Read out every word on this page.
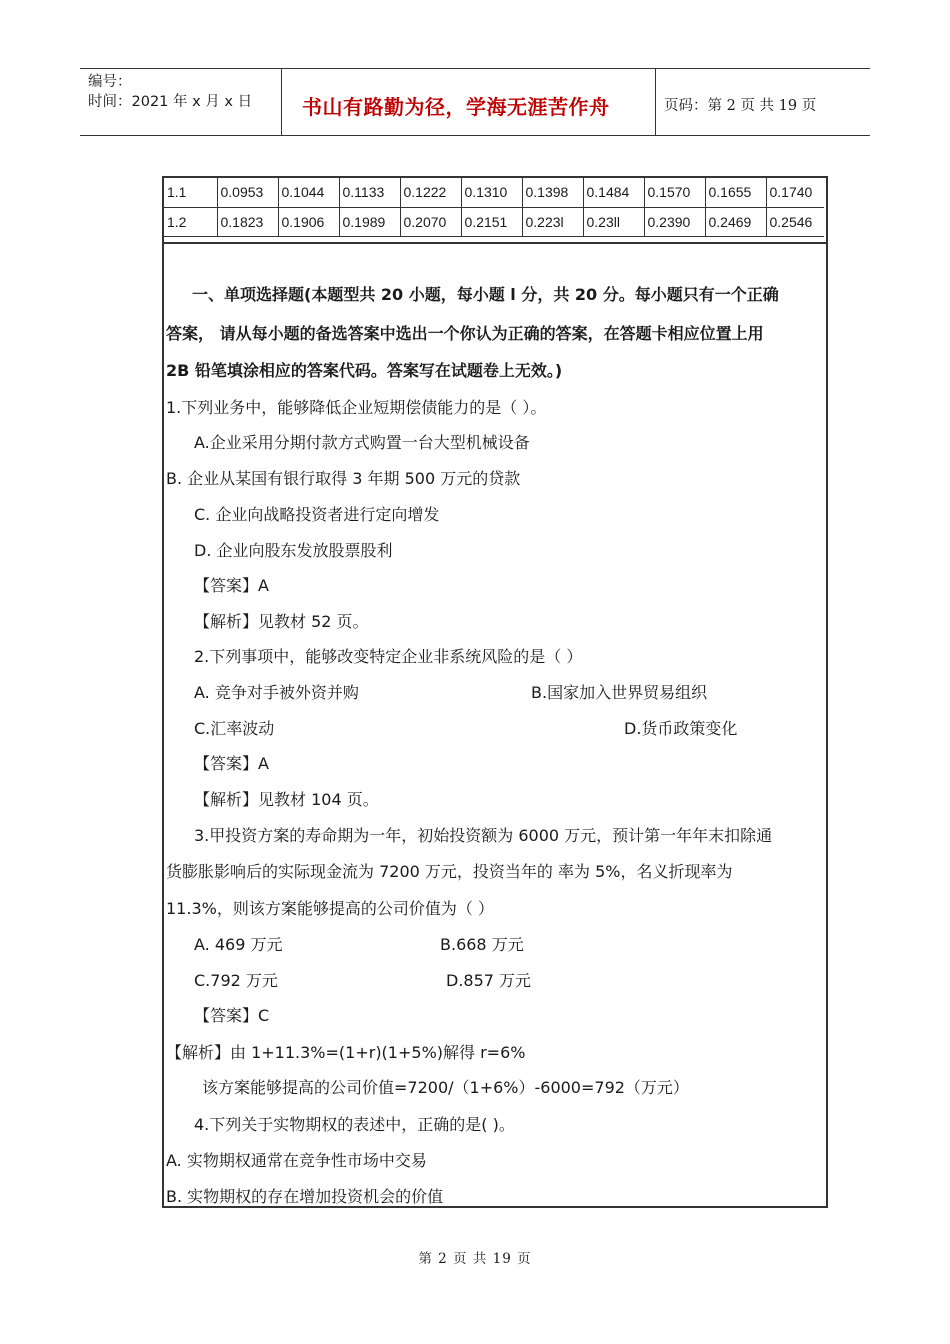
编号：
时间：2021 年 x 月 x 日	书山有路勤为径，学海无涯苦作舟	页码：第 2 页 共 19 页
1.1	0.0953	0.1044	0.1133	0.1222	0.1310	0.1398	0.1484	0.1570	0.1655	0.1740
1.2	0.1823	0.1906	0.1989	0.2070	0.2151	0.223l	0.23ll	0.2390	0.2469	0.2546
一、单项选择题(本题型共 20 小题，每小题 l 分，共 20 分。每小题只有一个正确
答案， 请从每小题的备选答案中选出一个你认为正确的答案，在答题卡相应位置上用
2B 铅笔填涂相应的答案代码。答案写在试题卷上无效。)
1.下列业务中，能够降低企业短期偿债能力的是（ ）。
A.企业采用分期付款方式购置一台大型机械设备
B. 企业从某国有银行取得 3 年期 500 万元的贷款
C. 企业向战略投资者进行定向增发
D. 企业向股东发放股票股利
【答案】A
【解析】见教材 52 页。
2.下列事项中，能够改变特定企业非系统风险的是（ ）
A. 竞争对手被外资并购	B.国家加入世界贸易组织
C.汇率波动	D.货币政策变化
【答案】A
【解析】见教材 104 页。
3.甲投资方案的寿命期为一年，初始投资额为 6000 万元，预计第一年年末扣除通
货膨胀影响后的实际现金流为 7200 万元，投资当年的 率为 5%，名义折现率为
11.3%，则该方案能够提高的公司价值为（ ）
A. 469 万元	B.668 万元
C.792 万元	D.857 万元
【答案】C
【解析】由 1+11.3%=(1+r)(1+5%)解得 r=6%
该方案能够提高的公司价值=7200/（1+6%）-6000=792（万元）
4.下列关于实物期权的表述中，正确的是( )。
A. 实物期权通常在竞争性市场中交易
B. 实物期权的存在增加投资机会的价值
第 2 页 共 19 页
